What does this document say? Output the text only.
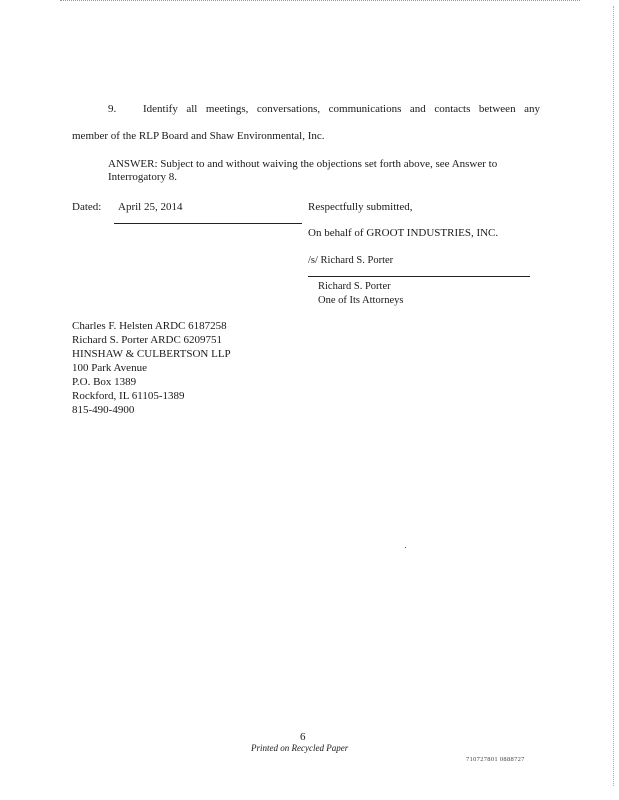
9. Identify all meetings, conversations, communications and contacts between any
member of the RLP Board and Shaw Environmental, Inc.
ANSWER: Subject to and without waiving the objections set forth above, see Answer to
Interrogatory 8.
Dated: April 25, 2014	Respectfully submitted,
On behalf of GROOT INDUSTRIES, INC.
/s/ Richard S. Porter
Richard S. Porter
One of Its Attorneys
Charles F. Helsten ARDC 6187258
Richard S. Porter ARDC 6209751
HINSHAW & CULBERTSON LLP
100 Park Avenue
P.O. Box 1389
Rockford, IL 61105-1389
815-490-4900
6
Printed on Recycled Paper
710727801 0888727
